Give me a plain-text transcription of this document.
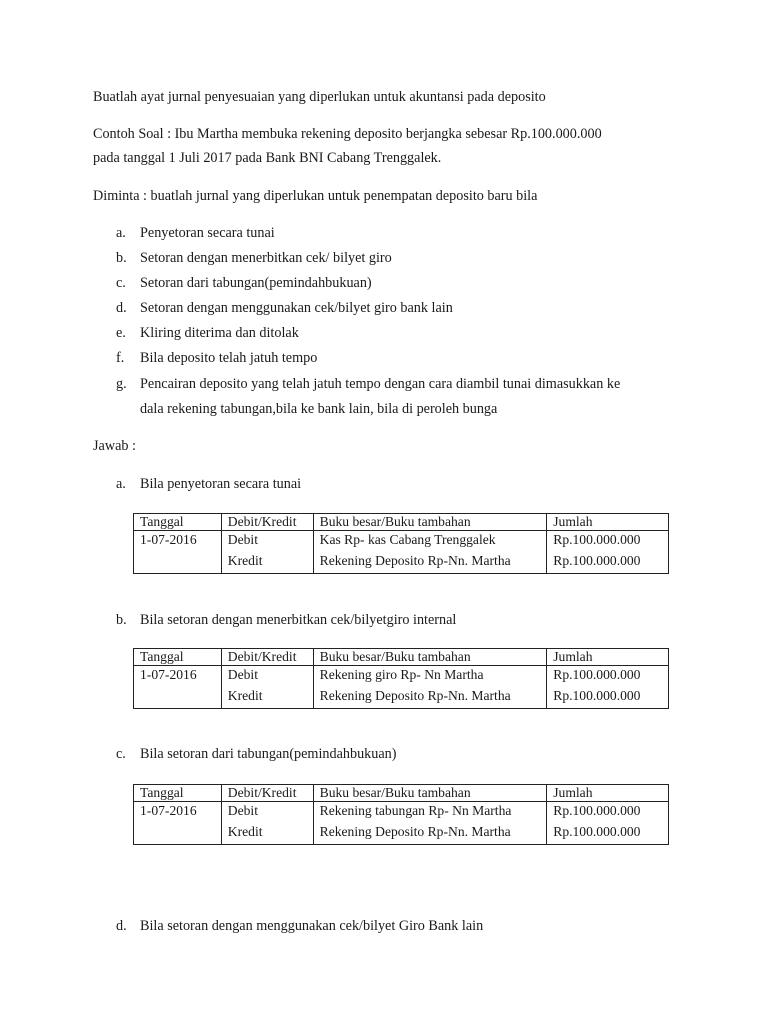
Buatlah ayat jurnal penyesuaian yang diperlukan untuk akuntansi pada deposito
Contoh Soal : Ibu Martha membuka rekening deposito berjangka sebesar Rp.100.000.000
pada tanggal 1 Juli 2017 pada Bank BNI Cabang Trenggalek.
Diminta : buatlah jurnal yang diperlukan untuk penempatan deposito baru bila
a. Penyetoran secara tunai
b. Setoran dengan menerbitkan cek/ bilyet giro
c. Setoran dari tabungan(pemindahbukuan)
d. Setoran dengan menggunakan cek/bilyet giro bank lain
e. Kliring diterima dan ditolak
f. Bila deposito telah jatuh tempo
g. Pencairan deposito yang telah jatuh tempo dengan cara diambil tunai dimasukkan ke
dala rekening tabungan,bila ke bank lain, bila di peroleh bunga
Jawab :
a. Bila penyetoran secara tunai
Tanggal	Debit/Kredit	Buku besar/Buku tambahan	Jumlah
1-07-2016	Debit	Kas Rp- kas Cabang Trenggalek	Rp.100.000.000
	Kredit	Rekening Deposito Rp-Nn. Martha	Rp.100.000.000
b. Bila setoran dengan menerbitkan cek/bilyetgiro internal
Tanggal	Debit/Kredit	Buku besar/Buku tambahan	Jumlah
1-07-2016	Debit	Rekening giro Rp- Nn Martha	Rp.100.000.000
	Kredit	Rekening Deposito Rp-Nn. Martha	Rp.100.000.000
c. Bila setoran dari tabungan(pemindahbukuan)
Tanggal	Debit/Kredit	Buku besar/Buku tambahan	Jumlah
1-07-2016	Debit	Rekening tabungan Rp- Nn Martha	Rp.100.000.000
	Kredit	Rekening Deposito Rp-Nn. Martha	Rp.100.000.000
d. Bila setoran dengan menggunakan cek/bilyet Giro Bank lain
